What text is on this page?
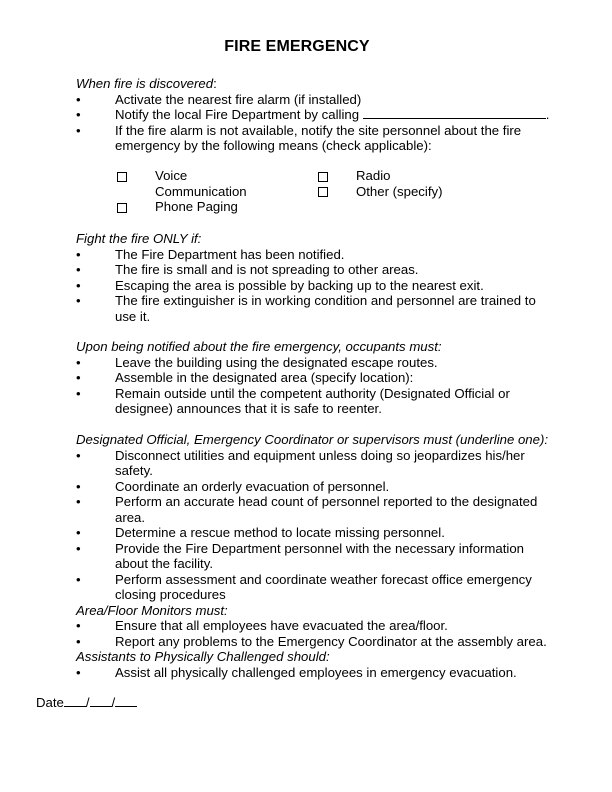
FIRE EMERGENCY
When fire is discovered:
•	Activate the nearest fire alarm (if installed)
•	Notify the local Fire Department by calling	.
•	If the fire alarm is not available, notify the site personnel about the fire emergency by the following means (check applicable):
Voice
Communication
Phone Paging
Radio
Other (specify)
Fight the fire ONLY if:
•	The Fire Department has been notified.
•	The fire is small and is not spreading to other areas.
•	Escaping the area is possible by backing up to the nearest exit.
•	The fire extinguisher is in working condition and personnel are trained to use it.
Upon being notified about the fire emergency, occupants must:
•	Leave the building using the designated escape routes.
•	Assemble in the designated area (specify location):
•	Remain outside until the competent authority (Designated Official or designee) announces that it is safe to reenter.
Designated Official, Emergency Coordinator or supervisors must (underline one):
•	Disconnect utilities and equipment unless doing so jeopardizes his/her safety.
•	Coordinate an orderly evacuation of personnel.
•	Perform an accurate head count of personnel reported to the designated area.
•	Determine a rescue method to locate missing personnel.
•	Provide the Fire Department personnel with the necessary information about the facility.
•	Perform assessment and coordinate weather forecast office emergency closing procedures
Area/Floor Monitors must:
•	Ensure that all employees have evacuated the area/floor.
•	Report any problems to the Emergency Coordinator at the assembly area.
Assistants to Physically Challenged should:
•	Assist all physically challenged employees in emergency evacuation.
Date / /
